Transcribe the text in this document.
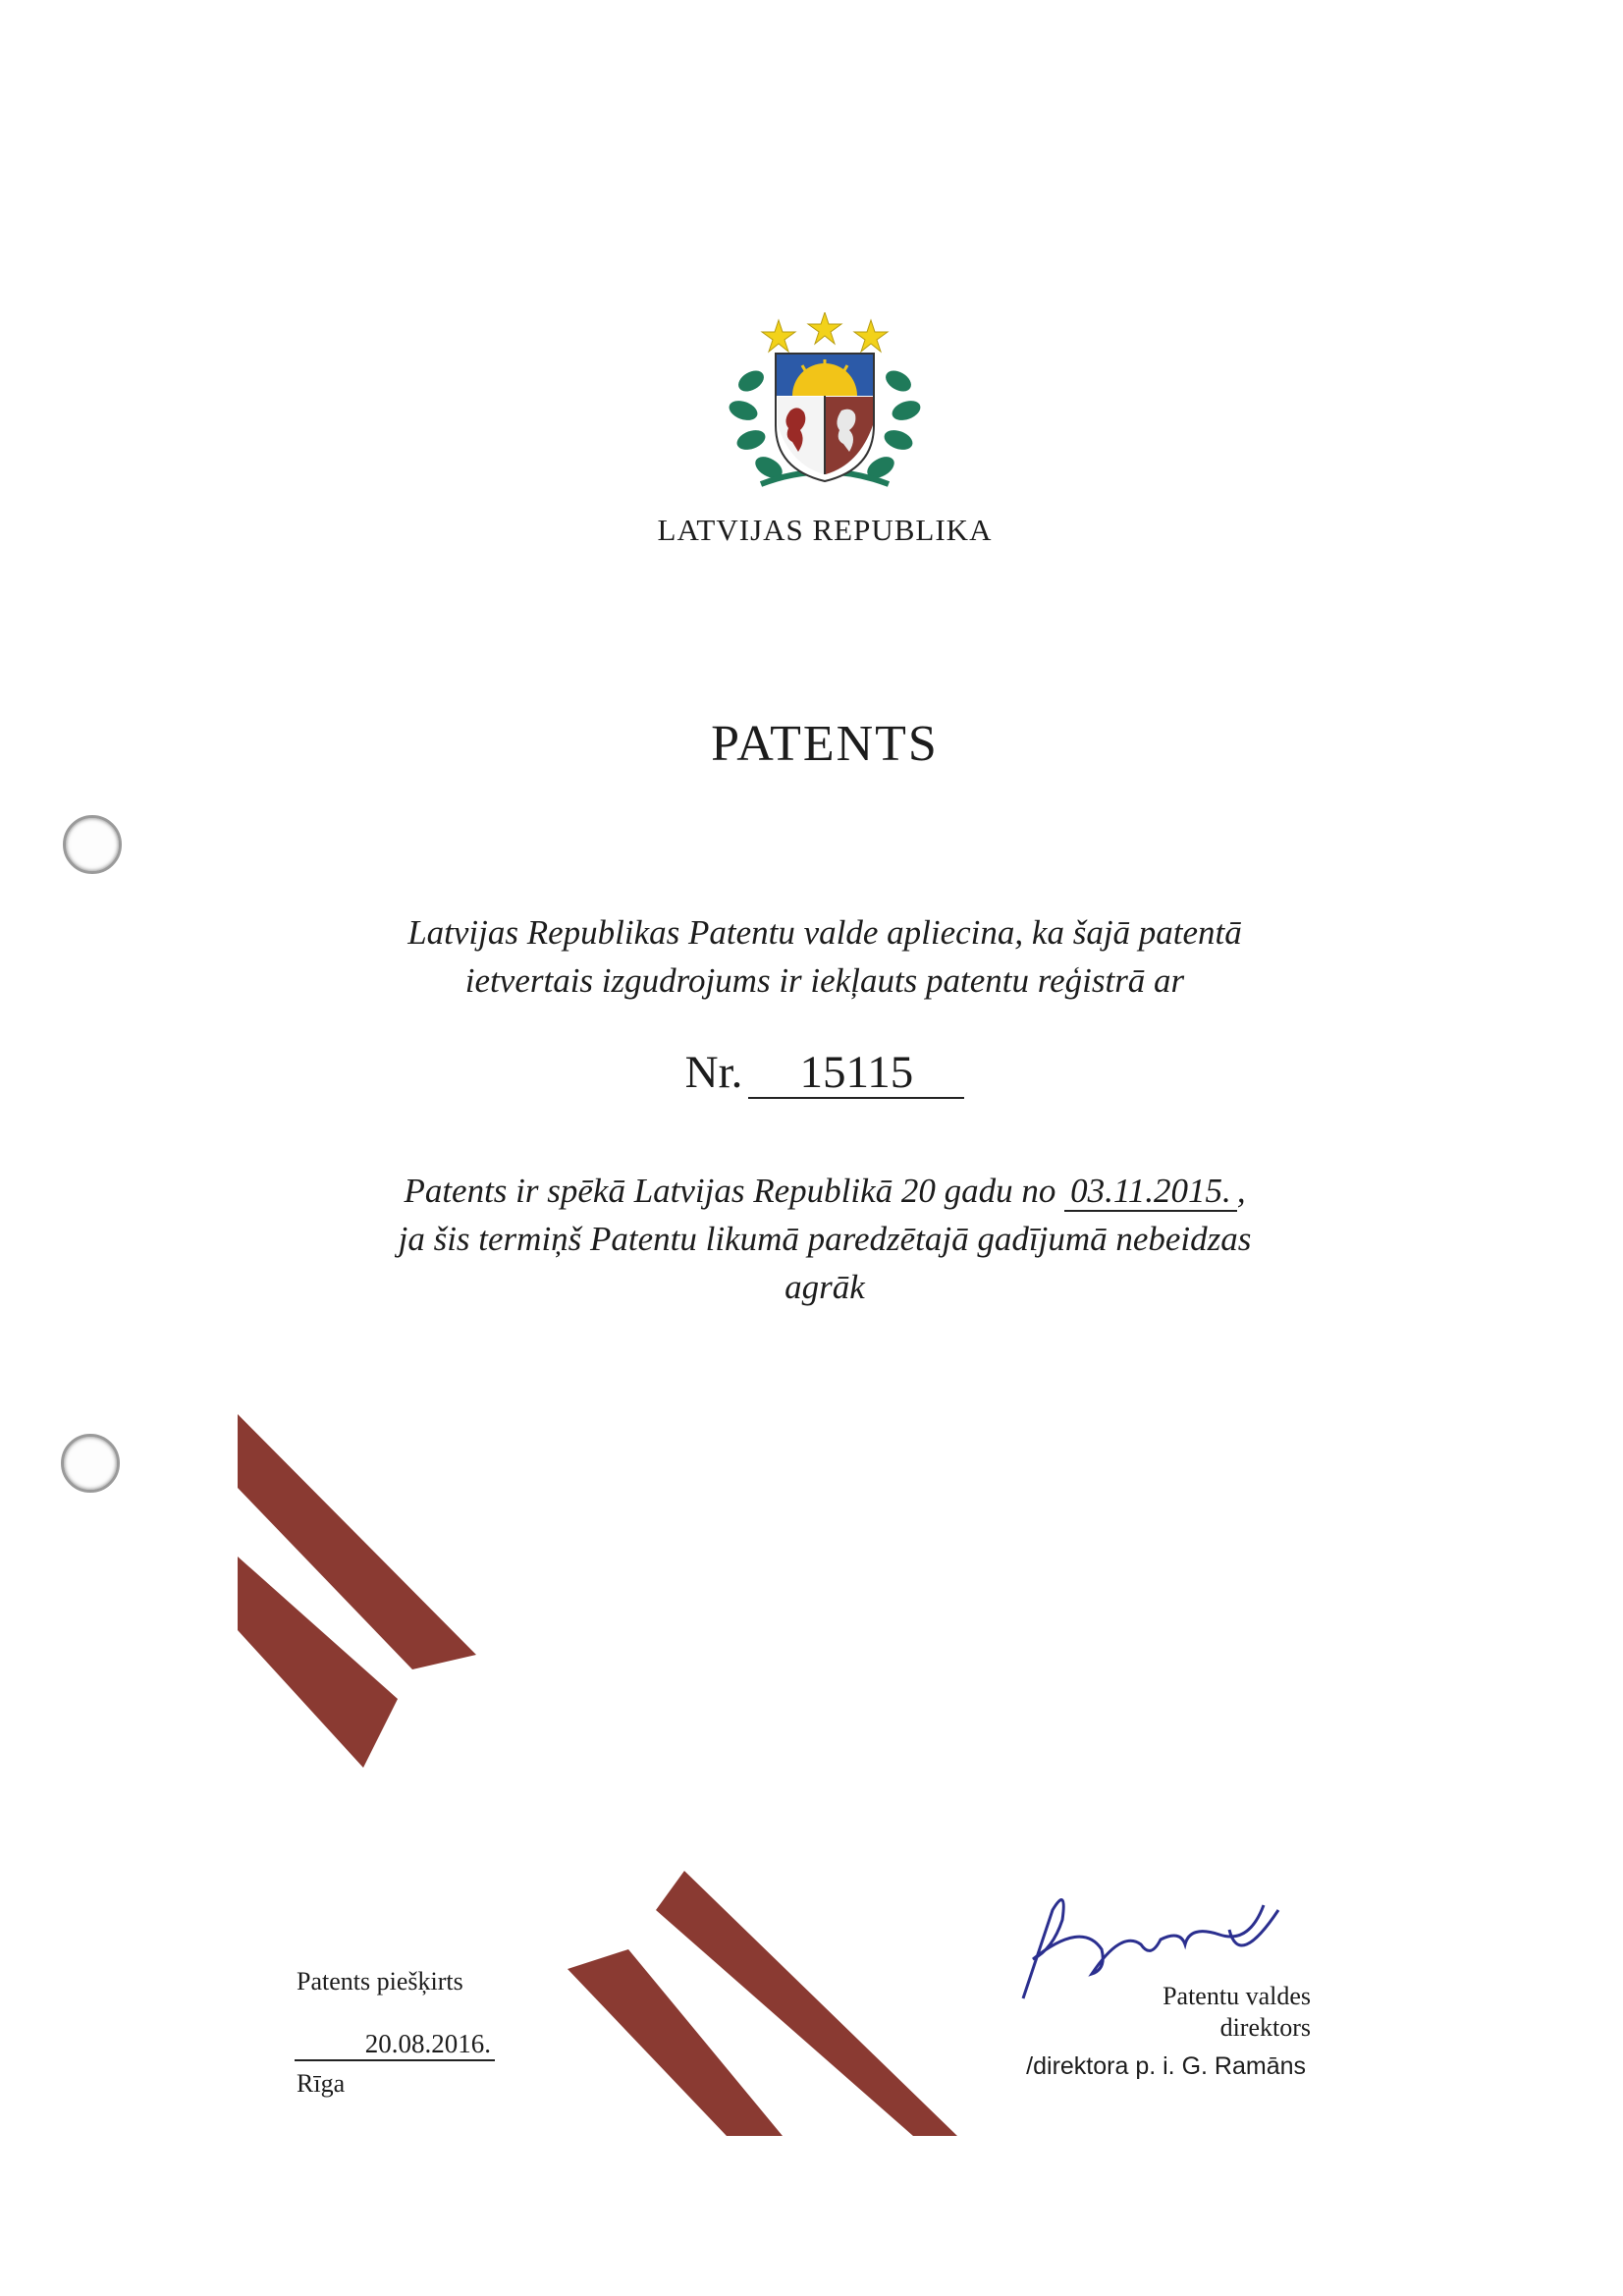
LATVIJAS REPUBLIKA
PATENTS
Latvijas Republikas Patentu valde apliecina, ka šajā patentā
ietvertais izgudrojums ir iekļauts patentu reģistrā ar
Nr. 15115
Patents ir spēkā Latvijas Republikā 20 gadu no 03.11.2015. ,
ja šis termiņš Patentu likumā paredzētajā gadījumā nebeidzas
agrāk
Patents piešķirts
20.08.2016.
Rīga
Patentu valdes
direktors
/direktora p. i. G. Ramāns
